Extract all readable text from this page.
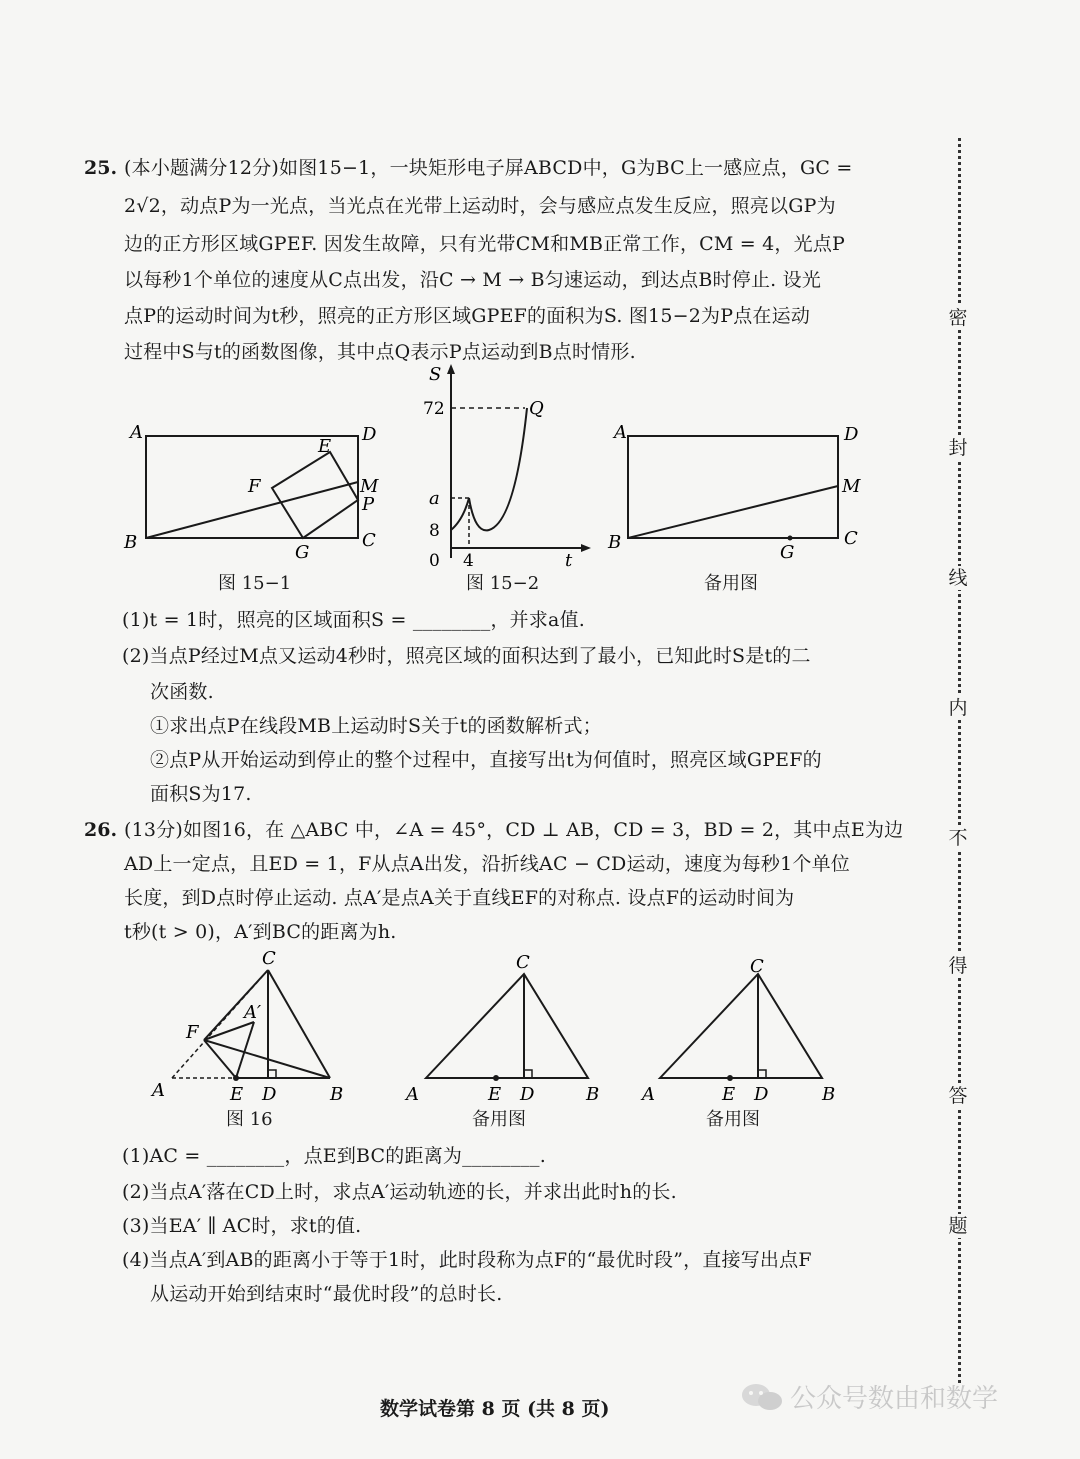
25. (本小题满分12分)如图15−1，一块矩形电子屏ABCD中，G为BC上一感应点，GC =
2√2，动点P为一光点，当光点在光带上运动时，会与感应点发生反应，照亮以GP为
边的正方形区域GPEF. 因发生故障，只有光带CM和MB正常工作，CM = 4，光点P
以每秒1个单位的速度从C点出发，沿C → M → B匀速运动，到达点B时停止. 设光
点P的运动时间为t秒，照亮的正方形区域GPEF的面积为S. 图15−2为P点在运动
过程中S与t的函数图像，其中点Q表示P点运动到B点时情形.
A	D
B	C
E
F	M
P
G
图 15−1
S
72	Q
a
8
0 4	t
图 15−2
A	D
B	C
M
G
备用图
(1)t = 1时，照亮的区域面积S = ________，并求a值.
(2)当点P经过M点又运动4秒时，照亮区域的面积达到了最小，已知此时S是t的二
次函数.
①求出点P在线段MB上运动时S关于t的函数解析式；
②点P从开始运动到停止的整个过程中，直接写出t为何值时，照亮区域GPEF的
面积S为17.
26. (13分)如图16，在 △ABC 中，∠A = 45°，CD ⊥ AB，CD = 3，BD = 2，其中点E为边
AD上一定点，且ED = 1，F从点A出发，沿折线AC − CD运动，速度为每秒1个单位
长度，到D点时停止运动. 点A′是点A关于直线EF的对称点. 设点F的运动时间为
t秒(t > 0)，A′到BC的距离为h.
C
A′
F
A	E D	B
图 16
C
A	E D	B
备用图
C
A	E D	B
备用图
(1)AC = ________，点E到BC的距离为________.
(2)当点A′落在CD上时，求点A′运动轨迹的长，并求出此时h的长.
(3)当EA′ ∥ AC时，求t的值.
(4)当点A′到AB的距离小于等于1时，此时段称为点F的“最优时段”，直接写出点F
从运动开始到结束时“最优时段”的总时长.
密
封
线
内
不
得
答
题
数学试卷第 8 页 (共 8 页)	公众号数由和数学
